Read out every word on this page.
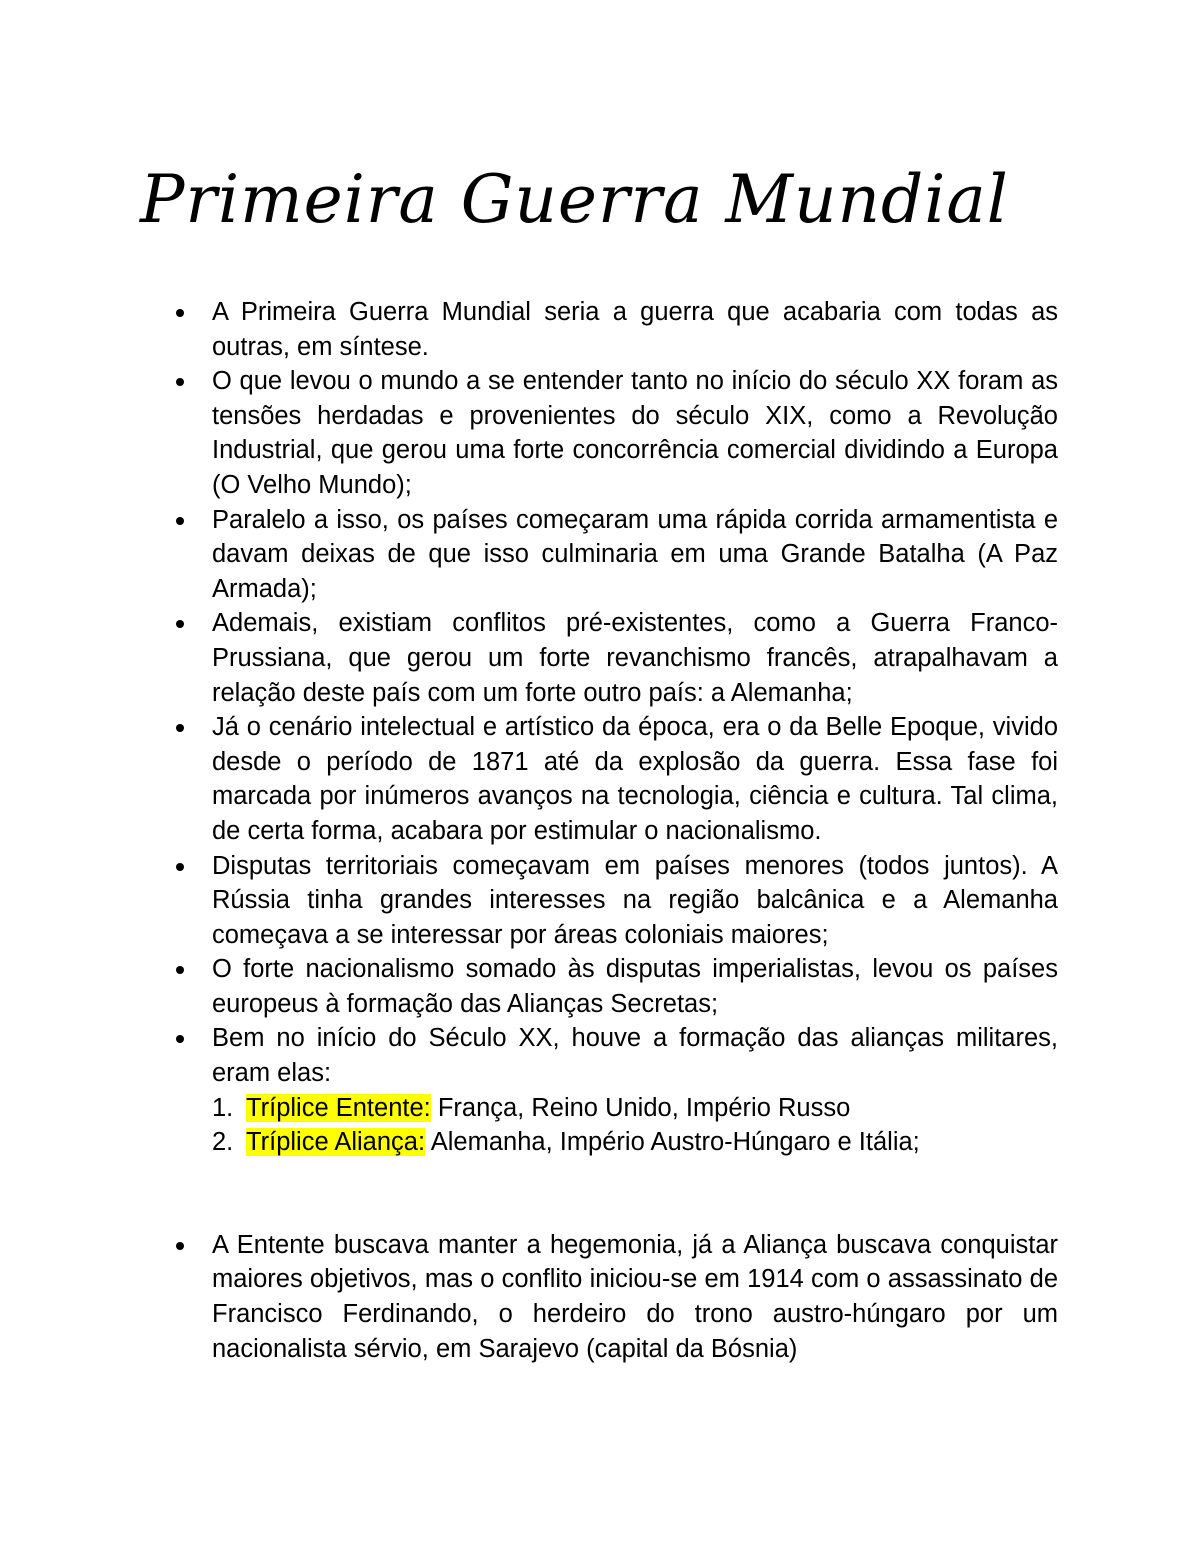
Primeira Guerra Mundial
A Primeira Guerra Mundial seria a guerra que acabaria com todas as outras, em síntese.
O que levou o mundo a se entender tanto no início do século XX foram as tensões herdadas e provenientes do século XIX, como a Revolução Industrial, que gerou uma forte concorrência comercial dividindo a Europa (O Velho Mundo);
Paralelo a isso, os países começaram uma rápida corrida armamentista e davam deixas de que isso culminaria em uma Grande Batalha (A Paz Armada);
Ademais, existiam conflitos pré-existentes, como a Guerra Franco-Prussiana, que gerou um forte revanchismo francês, atrapalhavam a relação deste país com um forte outro país: a Alemanha;
Já o cenário intelectual e artístico da época, era o da Belle Epoque, vivido desde o período de 1871 até da explosão da guerra. Essa fase foi marcada por inúmeros avanços na tecnologia, ciência e cultura. Tal clima, de certa forma, acabara por estimular o nacionalismo.
Disputas territoriais começavam em países menores (todos juntos). A Rússia tinha grandes interesses na região balcânica e a Alemanha começava a se interessar por áreas coloniais maiores;
O forte nacionalismo somado às disputas imperialistas, levou os países europeus à formação das Alianças Secretas;
Bem no início do Século XX, houve a formação das alianças militares, eram elas:
1. Tríplice Entente: França, Reino Unido, Império Russo
2. Tríplice Aliança: Alemanha, Império Austro-Húngaro e Itália;
A Entente buscava manter a hegemonia, já a Aliança buscava conquistar maiores objetivos, mas o conflito iniciou-se em 1914 com o assassinato de Francisco Ferdinando, o herdeiro do trono austro-húngaro por um nacionalista sérvio, em Sarajevo (capital da Bósnia)
